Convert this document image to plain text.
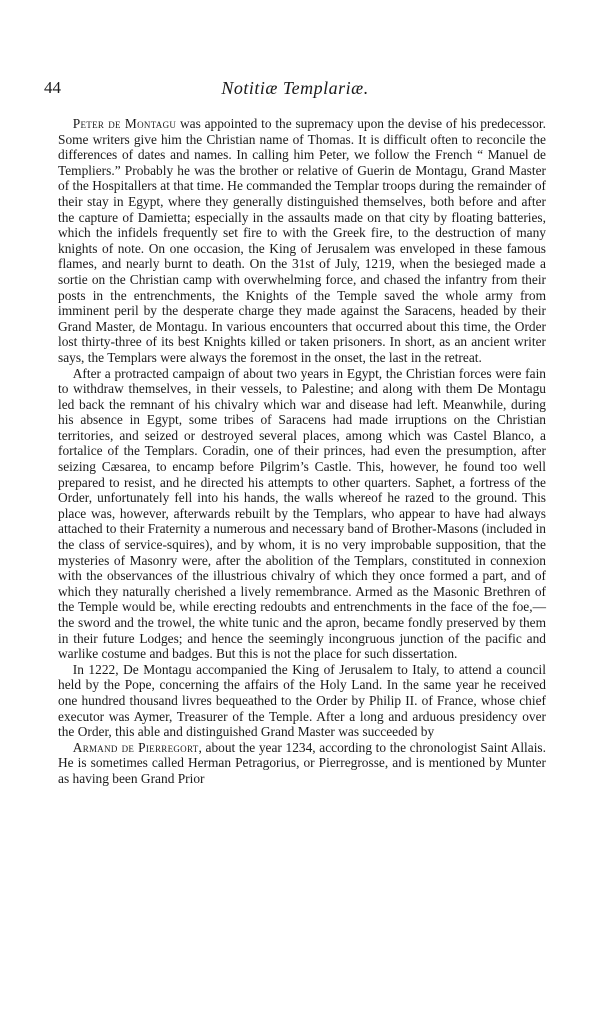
44	Notitiæ Templariæ.

Peter de Montagu was appointed to the supremacy upon the devise of his predecessor. Some writers give him the Christian name of Thomas. It is difficult often to reconcile the differences of dates and names. In calling him Peter, we follow the French “ Manuel de Templiers.” Probably he was the brother or relative of Guerin de Montagu, Grand Master of the Hospitallers at that time. He commanded the Templar troops during the remainder of their stay in Egypt, where they generally distinguished themselves, both before and after the capture of Damietta; especially in the assaults made on that city by floating batteries, which the infidels frequently set fire to with the Greek fire, to the destruction of many knights of note. On one occasion, the King of Jerusalem was enveloped in these famous flames, and nearly burnt to death. On the 31st of July, 1219, when the besieged made a sortie on the Christian camp with overwhelming force, and chased the infantry from their posts in the entrenchments, the Knights of the Temple saved the whole army from imminent peril by the desperate charge they made against the Saracens, headed by their Grand Master, de Montagu. In various encounters that occurred about this time, the Order lost thirty-three of its best Knights killed or taken prisoners. In short, as an ancient writer says, the Templars were always the foremost in the onset, the last in the retreat.

After a protracted campaign of about two years in Egypt, the Christian forces were fain to withdraw themselves, in their vessels, to Palestine; and along with them De Montagu led back the remnant of his chivalry which war and disease had left. Meanwhile, during his absence in Egypt, some tribes of Saracens had made irruptions on the Christian territories, and seized or destroyed several places, among which was Castel Blanco, a fortalice of the Templars. Coradin, one of their princes, had even the presumption, after seizing Cæsarea, to encamp before Pilgrim’s Castle. This, however, he found too well prepared to resist, and he directed his attempts to other quarters. Saphet, a fortress of the Order, unfortunately fell into his hands, the walls whereof he razed to the ground. This place was, however, afterwards rebuilt by the Templars, who appear to have had always attached to their Fraternity a numerous and necessary band of Brother-Masons (included in the class of service-squires), and by whom, it is no very improbable supposition, that the mysteries of Masonry were, after the abolition of the Templars, constituted in connexion with the observances of the illustrious chivalry of which they once formed a part, and of which they naturally cherished a lively remembrance. Armed as the Masonic Brethren of the Temple would be, while erecting redoubts and entrenchments in the face of the foe,—the sword and the trowel, the white tunic and the apron, became fondly preserved by them in their future Lodges; and hence the seemingly incongruous junction of the pacific and warlike costume and badges. But this is not the place for such dissertation.

In 1222, De Montagu accompanied the King of Jerusalem to Italy, to attend a council held by the Pope, concerning the affairs of the Holy Land. In the same year he received one hundred thousand livres bequeathed to the Order by Philip II. of France, whose chief executor was Aymer, Treasurer of the Temple. After a long and arduous presidency over the Order, this able and distinguished Grand Master was succeeded by

Armand de Pierregort, about the year 1234, according to the chronologist Saint Allais. He is sometimes called Herman Petragorius, or Pierregrosse, and is mentioned by Munter as having been Grand Prior
